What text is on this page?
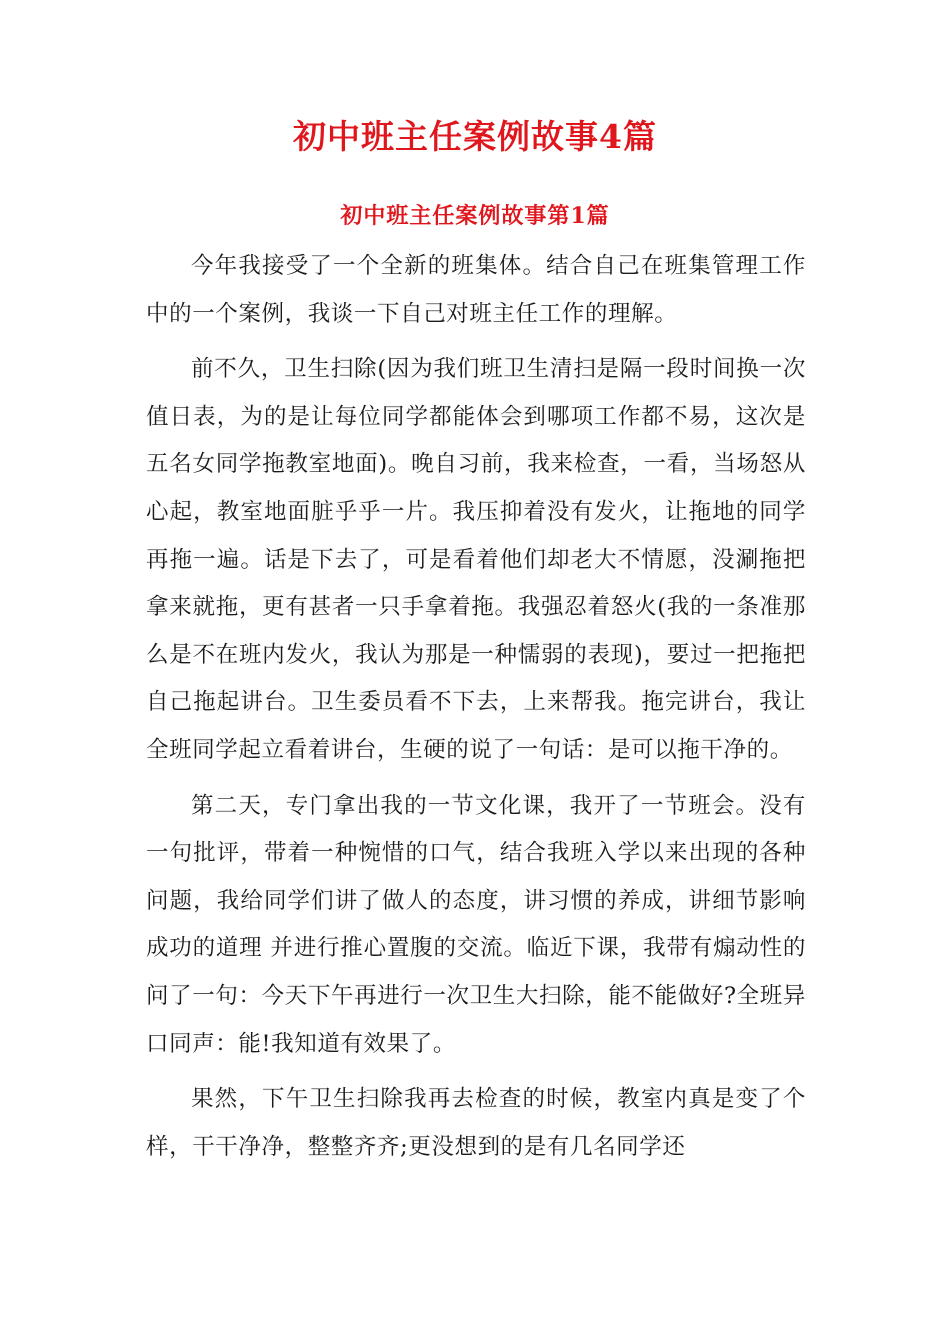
初中班主任案例故事4篇
初中班主任案例故事第1篇

今年我接受了一个全新的班集体。结合自己在班集管理工作中的一个案例，我谈一下自己对班主任工作的理解。

前不久，卫生扫除(因为我们班卫生清扫是隔一段时间换一次值日表，为的是让每位同学都能体会到哪项工作都不易，这次是五名女同学拖教室地面)。晚自习前，我来检查，一看，当场怒从心起，教室地面脏乎乎一片。我压抑着没有发火，让拖地的同学再拖一遍。话是下去了，可是看着他们却老大不情愿，没涮拖把拿来就拖，更有甚者一只手拿着拖。我强忍着怒火(我的一条准那么是不在班内发火，我认为那是一种懦弱的表现)，要过一把拖把自己拖起讲台。卫生委员看不下去，上来帮我。拖完讲台，我让全班同学起立看着讲台，生硬的说了一句话：是可以拖干净的。

第二天，专门拿出我的一节文化课，我开了一节班会。没有一句批评，带着一种惋惜的口气，结合我班入学以来出现的各种问题，我给同学们讲了做人的态度，讲习惯的养成，讲细节影响成功的道理 并进行推心置腹的交流。临近下课，我带有煽动性的问了一句：今天下午再进行一次卫生大扫除，能不能做好?全班异口同声：能!我知道有效果了。

果然，下午卫生扫除我再去检查的时候，教室内真是变了个样，干干净净，整整齐齐;更没想到的是有几名同学还
